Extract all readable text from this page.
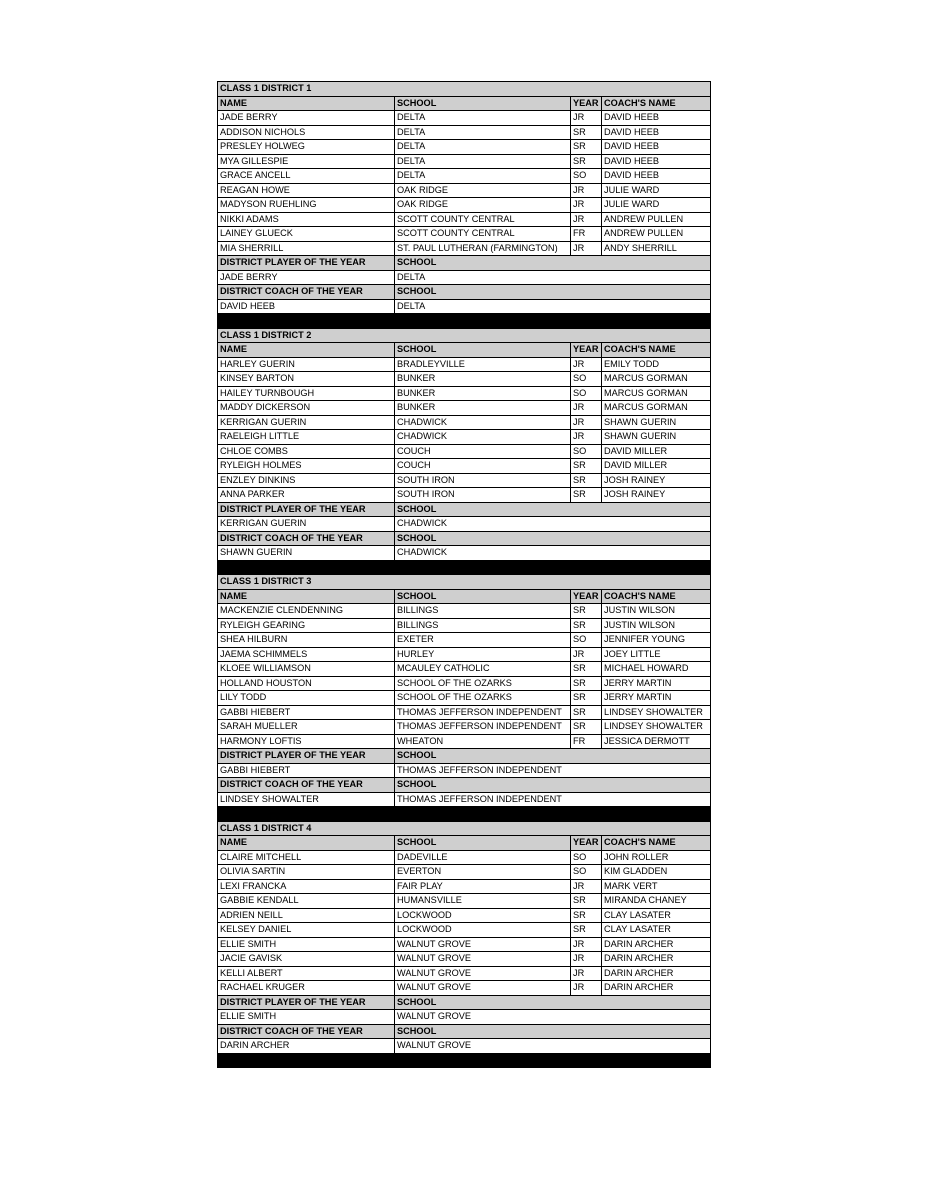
CLASS 1 DISTRICT 1			
NAME	SCHOOL	YEAR	COACH'S NAME
JADE BERRY	DELTA	JR	DAVID HEEB
ADDISON NICHOLS	DELTA	SR	DAVID HEEB
PRESLEY HOLWEG	DELTA	SR	DAVID HEEB
MYA GILLESPIE	DELTA	SR	DAVID HEEB
GRACE ANCELL	DELTA	SO	DAVID HEEB
REAGAN HOWE	OAK RIDGE	JR	JULIE WARD
MADYSON RUEHLING	OAK RIDGE	JR	JULIE WARD
NIKKI ADAMS	SCOTT COUNTY CENTRAL	JR	ANDREW PULLEN
LAINEY GLUECK	SCOTT COUNTY CENTRAL	FR	ANDREW PULLEN
MIA SHERRILL	ST. PAUL LUTHERAN (FARMINGTON)	JR	ANDY SHERRILL
DISTRICT PLAYER OF THE YEAR	SCHOOL		
JADE BERRY	DELTA		
DISTRICT COACH OF THE YEAR	SCHOOL		
DAVID HEEB	DELTA		

CLASS 1 DISTRICT 2			
NAME	SCHOOL	YEAR	COACH'S NAME
HARLEY GUERIN	BRADLEYVILLE	JR	EMILY TODD
KINSEY BARTON	BUNKER	SO	MARCUS GORMAN
HAILEY TURNBOUGH	BUNKER	SO	MARCUS GORMAN
MADDY DICKERSON	BUNKER	JR	MARCUS GORMAN
KERRIGAN GUERIN	CHADWICK	JR	SHAWN GUERIN
RAELEIGH LITTLE	CHADWICK	JR	SHAWN GUERIN
CHLOE COMBS	COUCH	SO	DAVID MILLER
RYLEIGH HOLMES	COUCH	SR	DAVID MILLER
ENZLEY DINKINS	SOUTH IRON	SR	JOSH RAINEY
ANNA PARKER	SOUTH IRON	SR	JOSH RAINEY
DISTRICT PLAYER OF THE YEAR	SCHOOL		
KERRIGAN GUERIN	CHADWICK		
DISTRICT COACH OF THE YEAR	SCHOOL		
SHAWN GUERIN	CHADWICK		

CLASS 1 DISTRICT 3			
NAME	SCHOOL	YEAR	COACH'S NAME
MACKENZIE CLENDENNING	BILLINGS	SR	JUSTIN WILSON
RYLEIGH GEARING	BILLINGS	SR	JUSTIN WILSON
SHEA HILBURN	EXETER	SO	JENNIFER YOUNG
JAEMA SCHIMMELS	HURLEY	JR	JOEY LITTLE
KLOEE WILLIAMSON	MCAULEY CATHOLIC	SR	MICHAEL HOWARD
HOLLAND HOUSTON	SCHOOL OF THE OZARKS	SR	JERRY MARTIN
LILY TODD	SCHOOL OF THE OZARKS	SR	JERRY MARTIN
GABBI HIEBERT	THOMAS JEFFERSON INDEPENDENT	SR	LINDSEY SHOWALTER
SARAH MUELLER	THOMAS JEFFERSON INDEPENDENT	SR	LINDSEY SHOWALTER
HARMONY LOFTIS	WHEATON	FR	JESSICA DERMOTT
DISTRICT PLAYER OF THE YEAR	SCHOOL		
GABBI HIEBERT	THOMAS JEFFERSON INDEPENDENT		
DISTRICT COACH OF THE YEAR	SCHOOL		
LINDSEY SHOWALTER	THOMAS JEFFERSON INDEPENDENT		

CLASS 1 DISTRICT 4			
NAME	SCHOOL	YEAR	COACH'S NAME
CLAIRE MITCHELL	DADEVILLE	SO	JOHN ROLLER
OLIVIA SARTIN	EVERTON	SO	KIM GLADDEN
LEXI FRANCKA	FAIR PLAY	JR	MARK VERT
GABBIE KENDALL	HUMANSVILLE	SR	MIRANDA CHANEY
ADRIEN NEILL	LOCKWOOD	SR	CLAY LASATER
KELSEY DANIEL	LOCKWOOD	SR	CLAY LASATER
ELLIE SMITH	WALNUT GROVE	JR	DARIN ARCHER
JACIE GAVISK	WALNUT GROVE	JR	DARIN ARCHER
KELLI ALBERT	WALNUT GROVE	JR	DARIN ARCHER
RACHAEL KRUGER	WALNUT GROVE	JR	DARIN ARCHER
DISTRICT PLAYER OF THE YEAR	SCHOOL		
ELLIE SMITH	WALNUT GROVE		
DISTRICT COACH OF THE YEAR	SCHOOL		
DARIN ARCHER	WALNUT GROVE		
